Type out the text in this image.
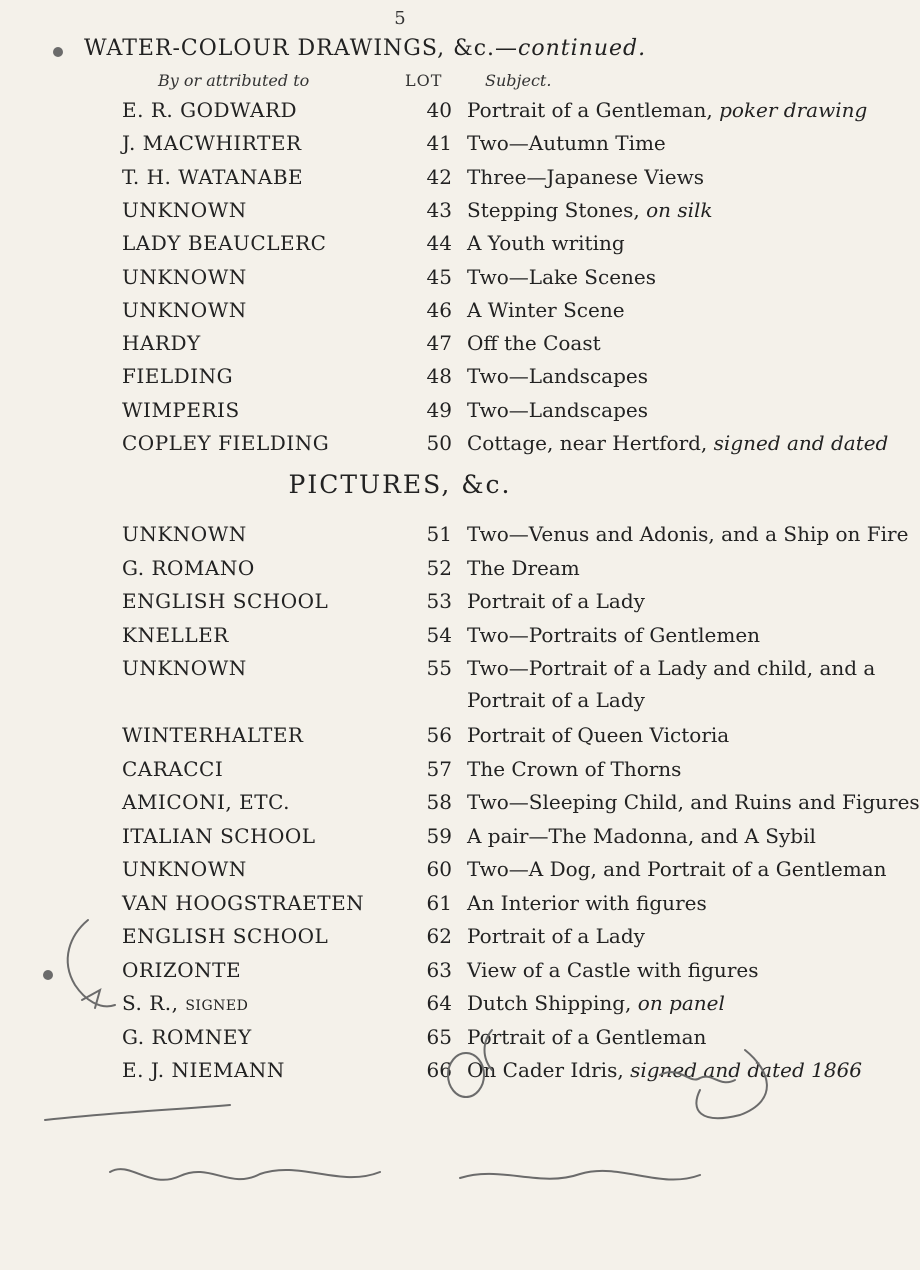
5
WATER-COLOUR DRAWINGS, &c.—continued.
By or attributed to	LOT	Subject.
E. R. GODWARD	40 Portrait of a Gentleman, poker drawing
J. MACWHIRTER	41 Two—Autumn Time
T. H. WATANABE	42 Three—Japanese Views
UNKNOWN	43 Stepping Stones, on silk
LADY BEAUCLERC	44 A Youth writing
UNKNOWN	45 Two—Lake Scenes
UNKNOWN	46 A Winter Scene
HARDY	47 Off the Coast
FIELDING	48 Two—Landscapes
WIMPERIS	49 Two—Landscapes
COPLEY FIELDING	50 Cottage, near Hertford, signed and dated
PICTURES, &c.
UNKNOWN	51 Two—Venus and Adonis, and a Ship on Fire
G. ROMANO	52 The Dream
ENGLISH SCHOOL	53 Portrait of a Lady
KNELLER	54 Two—Portraits of Gentlemen
UNKNOWN	55 Two—Portrait of a Lady and child, and a
Portrait of a Lady
WINTERHALTER	56 Portrait of Queen Victoria
CARACCI	57 The Crown of Thorns
AMICONI, ETC.	58 Two—Sleeping Child, and Ruins and Figures
ITALIAN SCHOOL	59 A pair—The Madonna, and A Sybil
UNKNOWN	60 Two—A Dog, and Portrait of a Gentleman
VAN HOOGSTRAETEN	61 An Interior with figures
ENGLISH SCHOOL	62 Portrait of a Lady
ORIZONTE	63 View of a Castle with figures
S. R., signed	64 Dutch Shipping, on panel
G. ROMNEY	65 Portrait of a Gentleman
E. J. NIEMANN	66 On Cader Idris, signed and dated 1866
